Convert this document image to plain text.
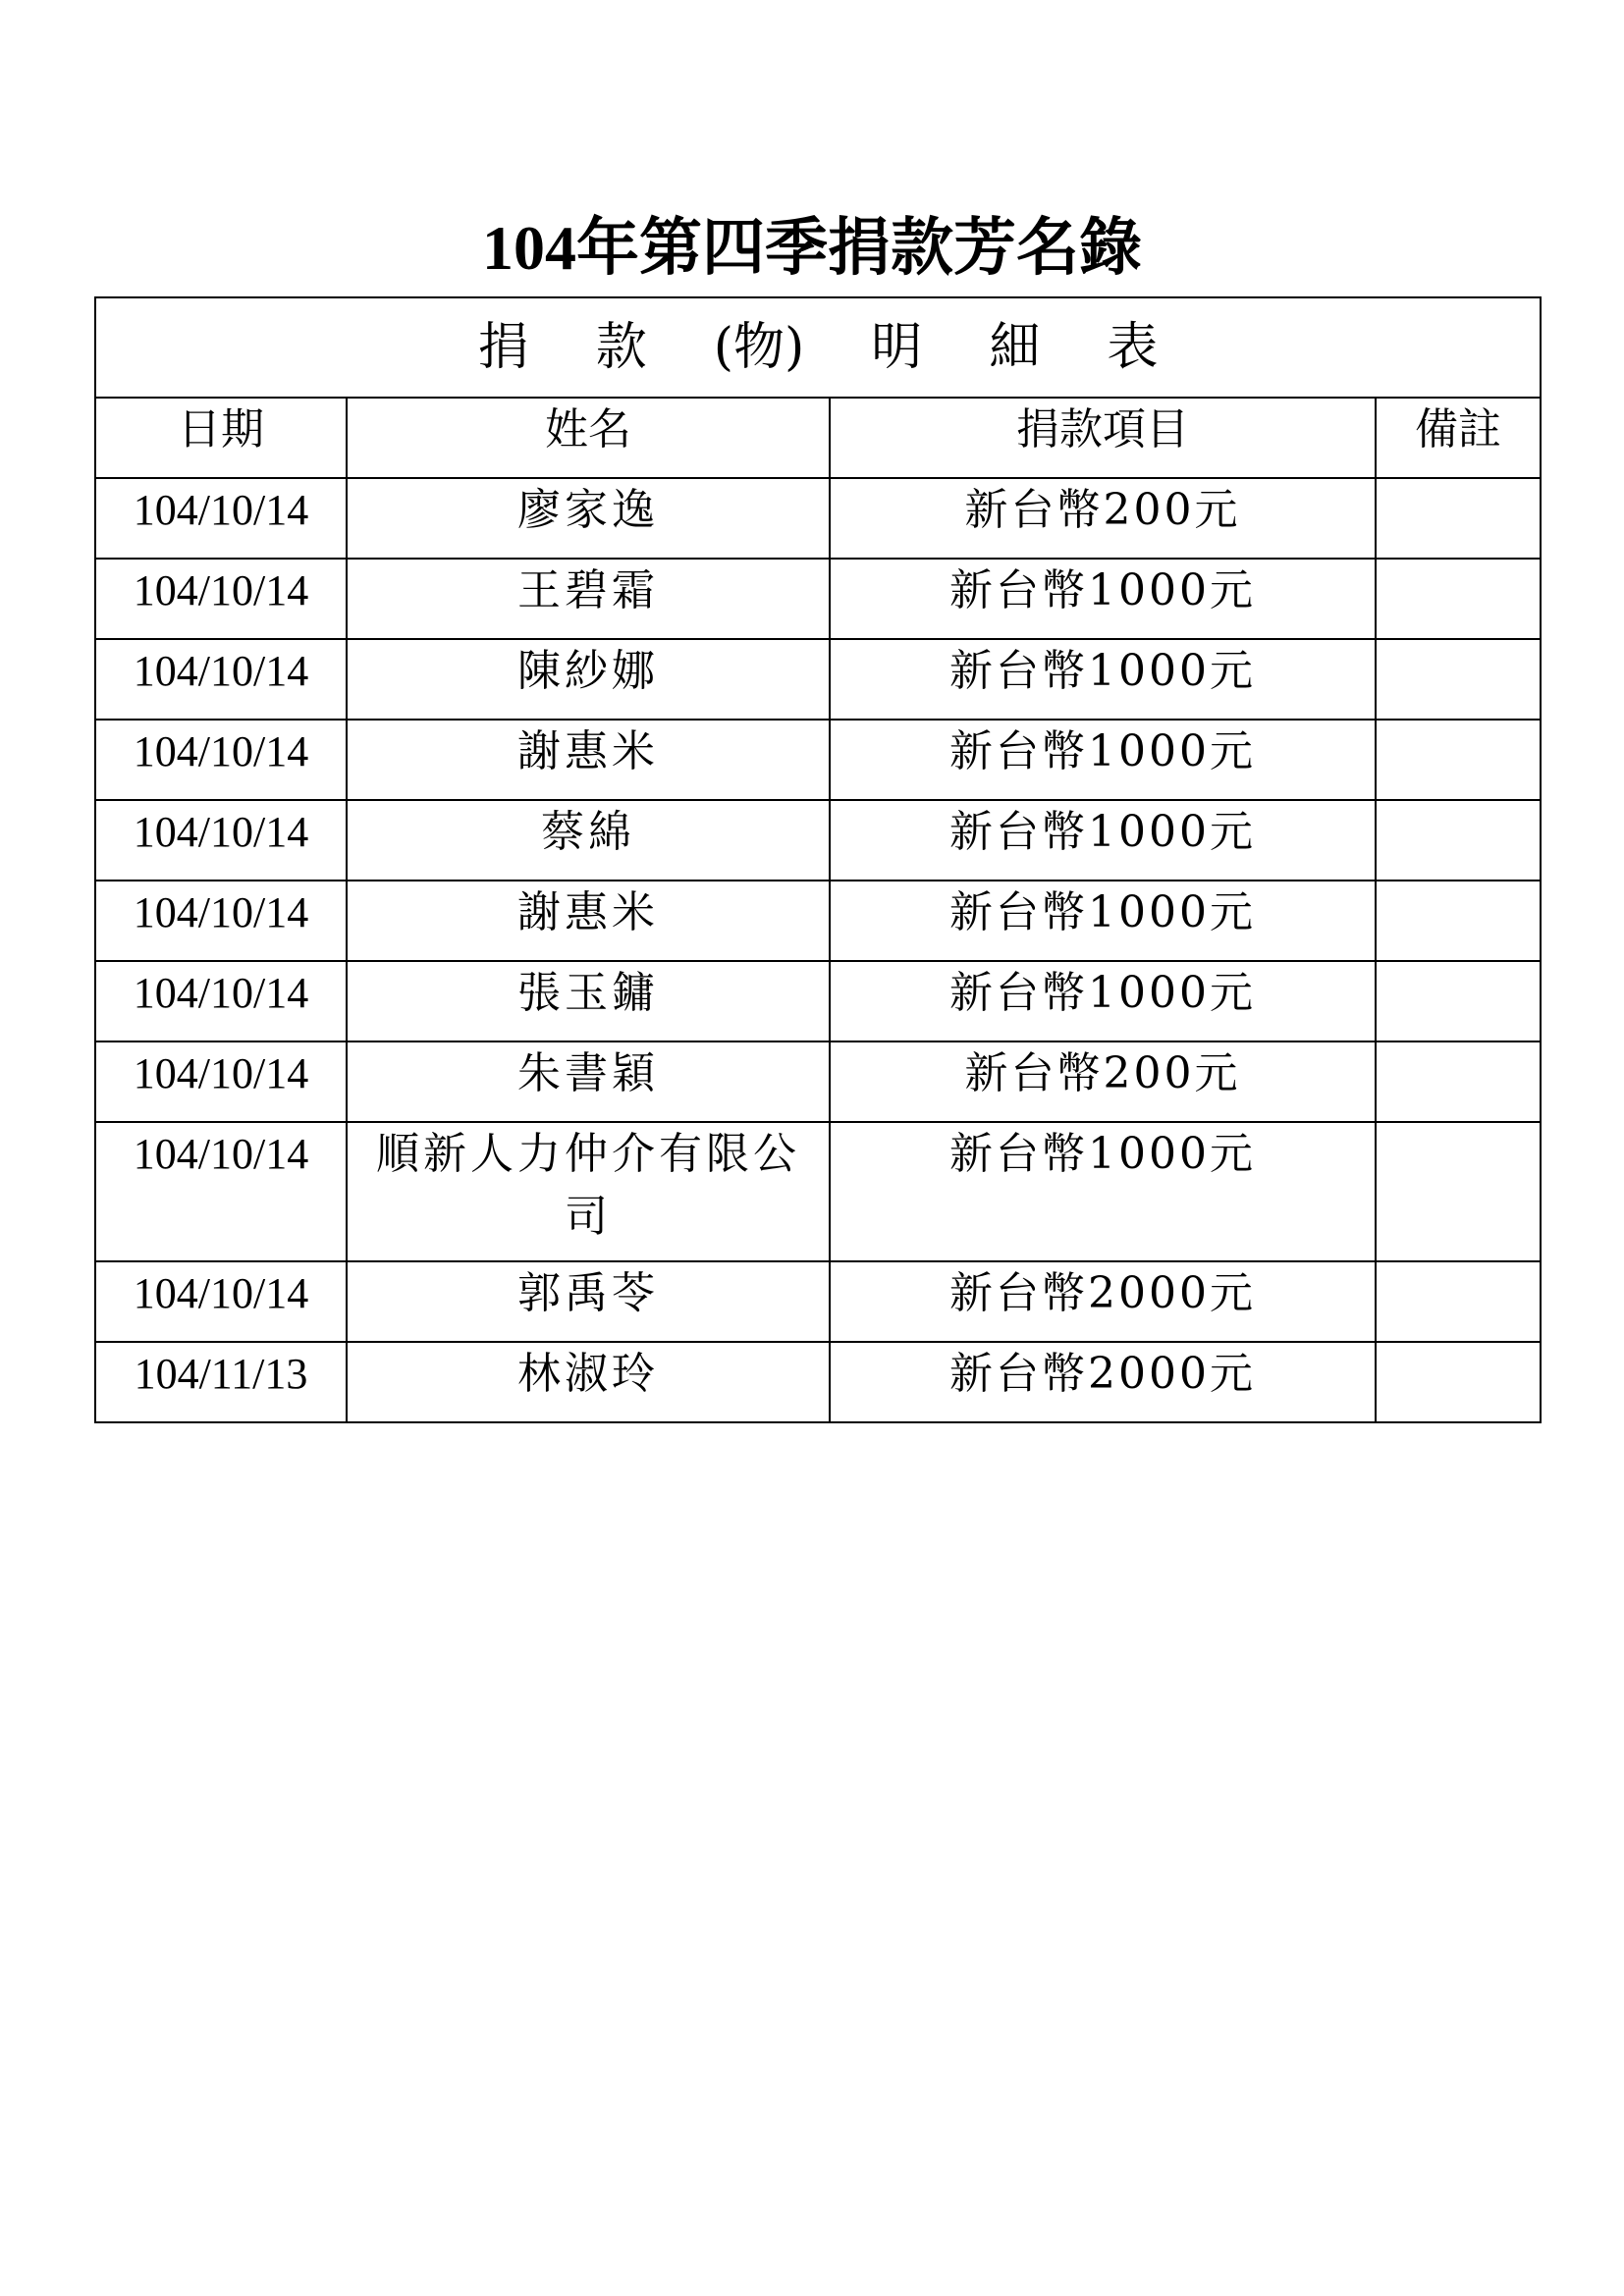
104年第四季捐款芳名錄
捐 款 (物) 明 細 表			
日期	姓名	捐款項目	備註
104/10/14	廖家逸	新台幣200元	
104/10/14	王碧霜	新台幣1000元	
104/10/14	陳紗娜	新台幣1000元	
104/10/14	謝惠米	新台幣1000元	
104/10/14	蔡綿	新台幣1000元	
104/10/14	謝惠米	新台幣1000元	
104/10/14	張玉鏞	新台幣1000元	
104/10/14	朱書穎	新台幣200元	
104/10/14	順新人力仲介有限公司	新台幣1000元	
104/10/14	郭禹苓	新台幣2000元	
104/11/13	林淑玲	新台幣2000元	
